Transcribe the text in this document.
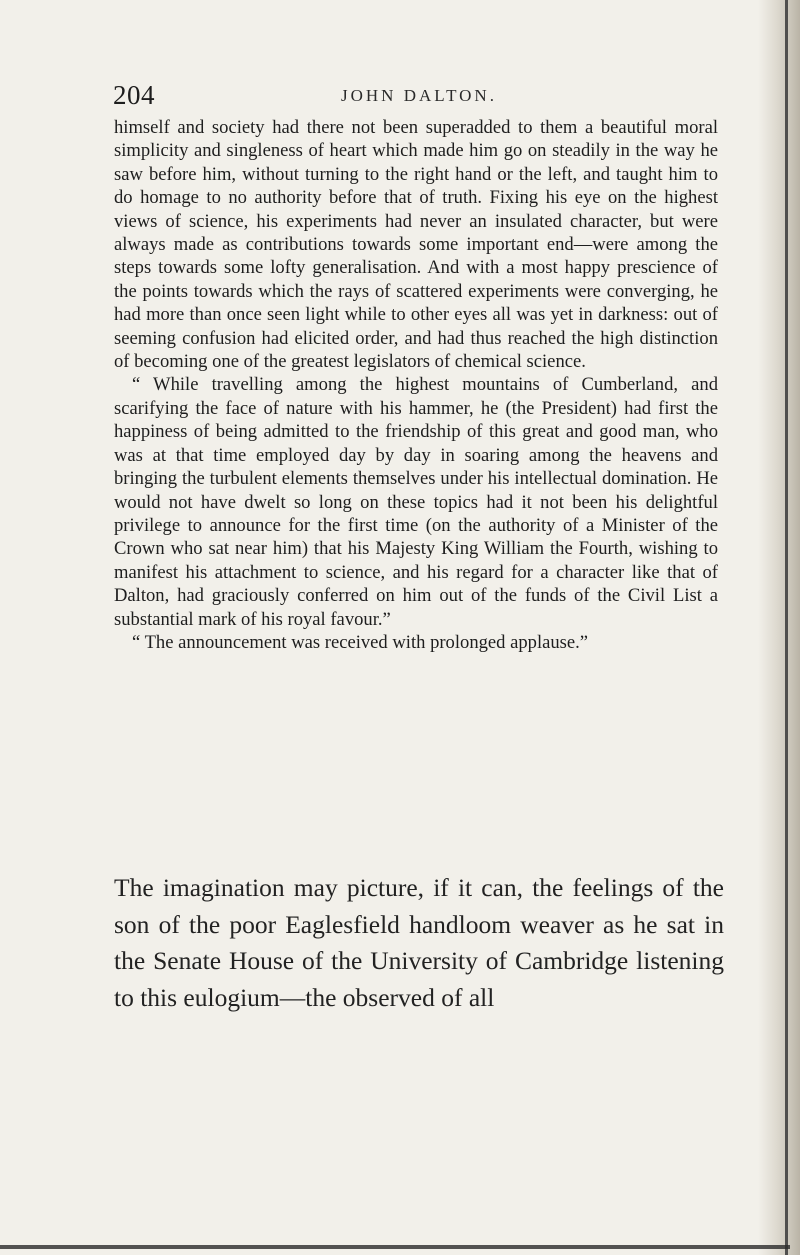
204	JOHN DALTON.

himself and society had there not been superadded to them a beautiful moral simplicity and singleness of heart which made him go on steadily in the way he saw before him, without turning to the right hand or the left, and taught him to do homage to no authority before that of truth. Fixing his eye on the highest views of science, his experiments had never an insulated character, but were always made as contributions towards some important end—were among the steps towards some lofty generalisation. And with a most happy prescience of the points towards which the rays of scattered experiments were converging, he had more than once seen light while to other eyes all was yet in darkness: out of seeming confusion had elicited order, and had thus reached the high distinction of becoming one of the greatest legislators of chemical science.

“ While travelling among the highest mountains of Cumberland, and scarifying the face of nature with his hammer, he (the President) had first the happiness of being admitted to the friendship of this great and good man, who was at that time employed day by day in soaring among the heavens and bringing the turbulent elements themselves under his intellectual domination. He would not have dwelt so long on these topics had it not been his delightful privilege to announce for the first time (on the authority of a Minister of the Crown who sat near him) that his Majesty King William the Fourth, wishing to manifest his attachment to science, and his regard for a character like that of Dalton, had graciously conferred on him out of the funds of the Civil List a substantial mark of his royal favour.”

“ The announcement was received with prolonged applause.”

The imagination may picture, if it can, the feelings of the son of the poor Eaglesfield handloom weaver as he sat in the Senate House of the University of Cambridge listening to this eulogium—the observed of all
